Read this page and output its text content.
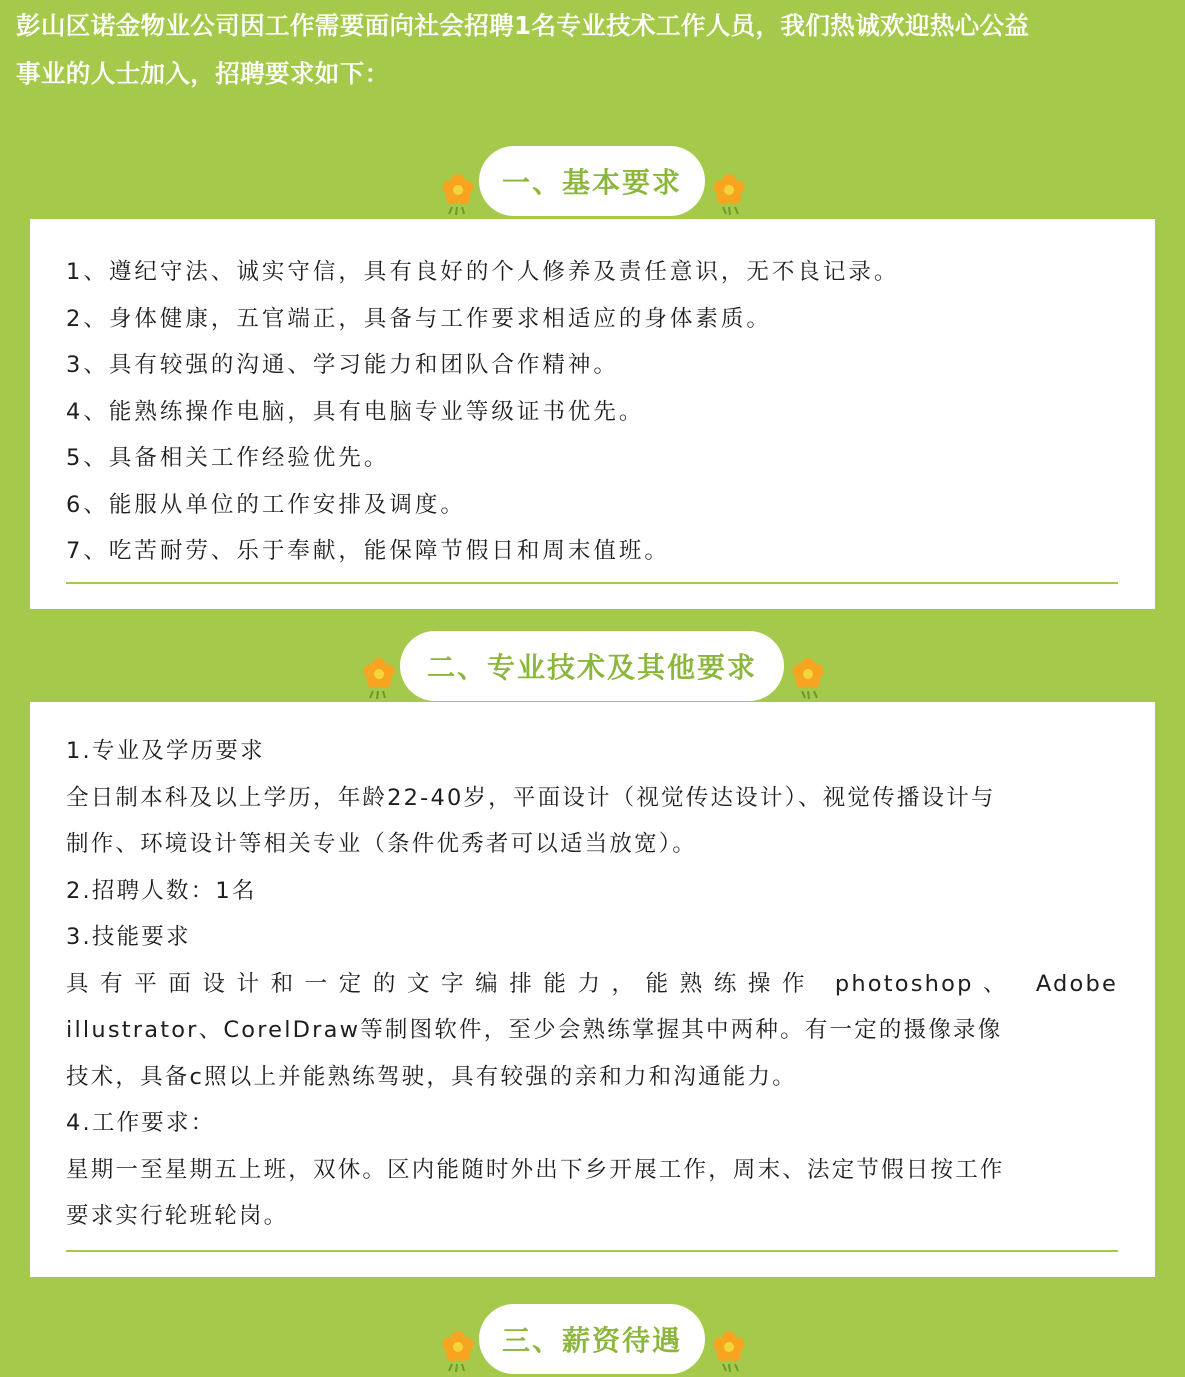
彭山区诺金物业公司因工作需要面向社会招聘1名专业技术工作人员，我们热诚欢迎热心公益
事业的人士加入，招聘要求如下：
一、基本要求
1、遵纪守法、诚实守信，具有良好的个人修养及责任意识，无不良记录。
2、身体健康，五官端正，具备与工作要求相适应的身体素质。
3、具有较强的沟通、学习能力和团队合作精神。
4、能熟练操作电脑，具有电脑专业等级证书优先。
5、具备相关工作经验优先。
6、能服从单位的工作安排及调度。
7、吃苦耐劳、乐于奉献，能保障节假日和周末值班。
二、专业技术及其他要求

1.专业及学历要求

全日制本科及以上学历，年龄22-40岁，平面设计（视觉传达设计）、视觉传播设计与

制作、环境设计等相关专业（条件优秀者可以适当放宽）。

2.招聘人数：1名

3.技能要求

具有平面设计和一定的文字编排能力，能熟练操作 photoshop、 Adobe

illustrator、CorelDraw等制图软件，至少会熟练掌握其中两种。有一定的摄像录像

技术，具备c照以上并能熟练驾驶，具有较强的亲和力和沟通能力。

4.工作要求：

星期一至星期五上班，双休。区内能随时外出下乡开展工作，周末、法定节假日按工作

要求实行轮班轮岗。

三、薪资待遇
